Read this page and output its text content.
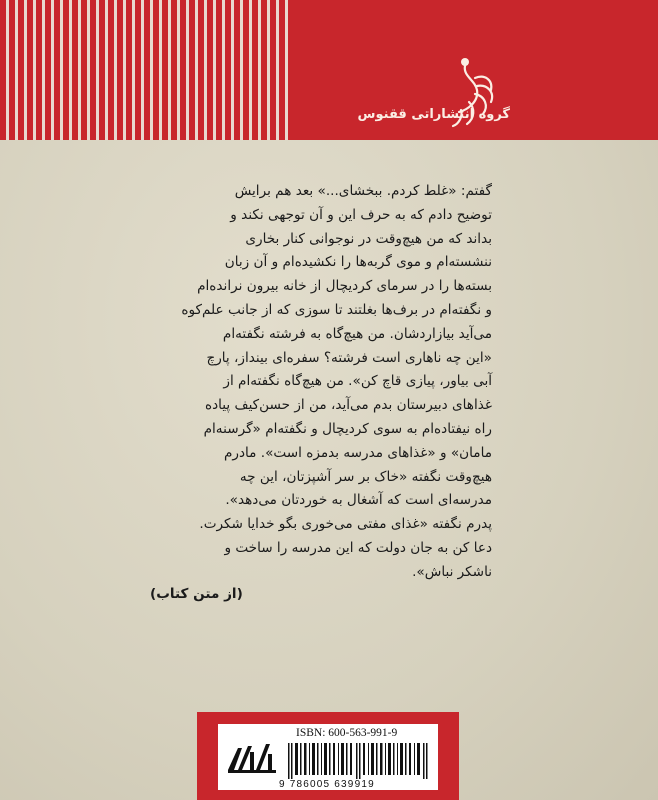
گروه انتشاراتی ققنوس

گفتم: «غلط کردم. ببخشای...» بعد هم برایش

توضیح دادم که به حرف این و آن توجهی نکند و

بداند که من هیچ‌وقت در نوجوانی کنار بخاری

ننشسته‌ام و موی گربه‌ها را نکشیده‌ام و آن زبان

بسته‌ها را در سرمای کردیچال از خانه بیرون نرانده‌ام

و نگفته‌ام در برف‌ها بغلتند تا سوزی که از جانب علم‌کوه

می‌آید بیازاردشان. من هیچ‌گاه به فرشته نگفته‌ام

«این چه ناهاری است فرشته؟ سفره‌ای بینداز، پارچ

آبی بیاور، پیازی قاچ کن». من هیچ‌گاه نگفته‌ام از

غذاهای دبیرستان بدم می‌آید، من از حسن‌کیف پیاده

راه نیفتاده‌ام به سوی کردیچال و نگفته‌ام «گرسنه‌ام

مامان» و «غذاهای مدرسه بدمزه است». مادرم

هیچ‌وقت نگفته «خاک بر سر آشپزتان، این چه

مدرسه‌ای است که آشغال به خوردتان می‌دهد».

پدرم نگفته «غذای مفتی می‌خوری بگو خدایا شکرت.

دعا کن به جان دولت که این مدرسه را ساخت و

ناشکر نباش».

(از متن کتاب)
ISBN: 600-563-991-9
9 786005 639919
